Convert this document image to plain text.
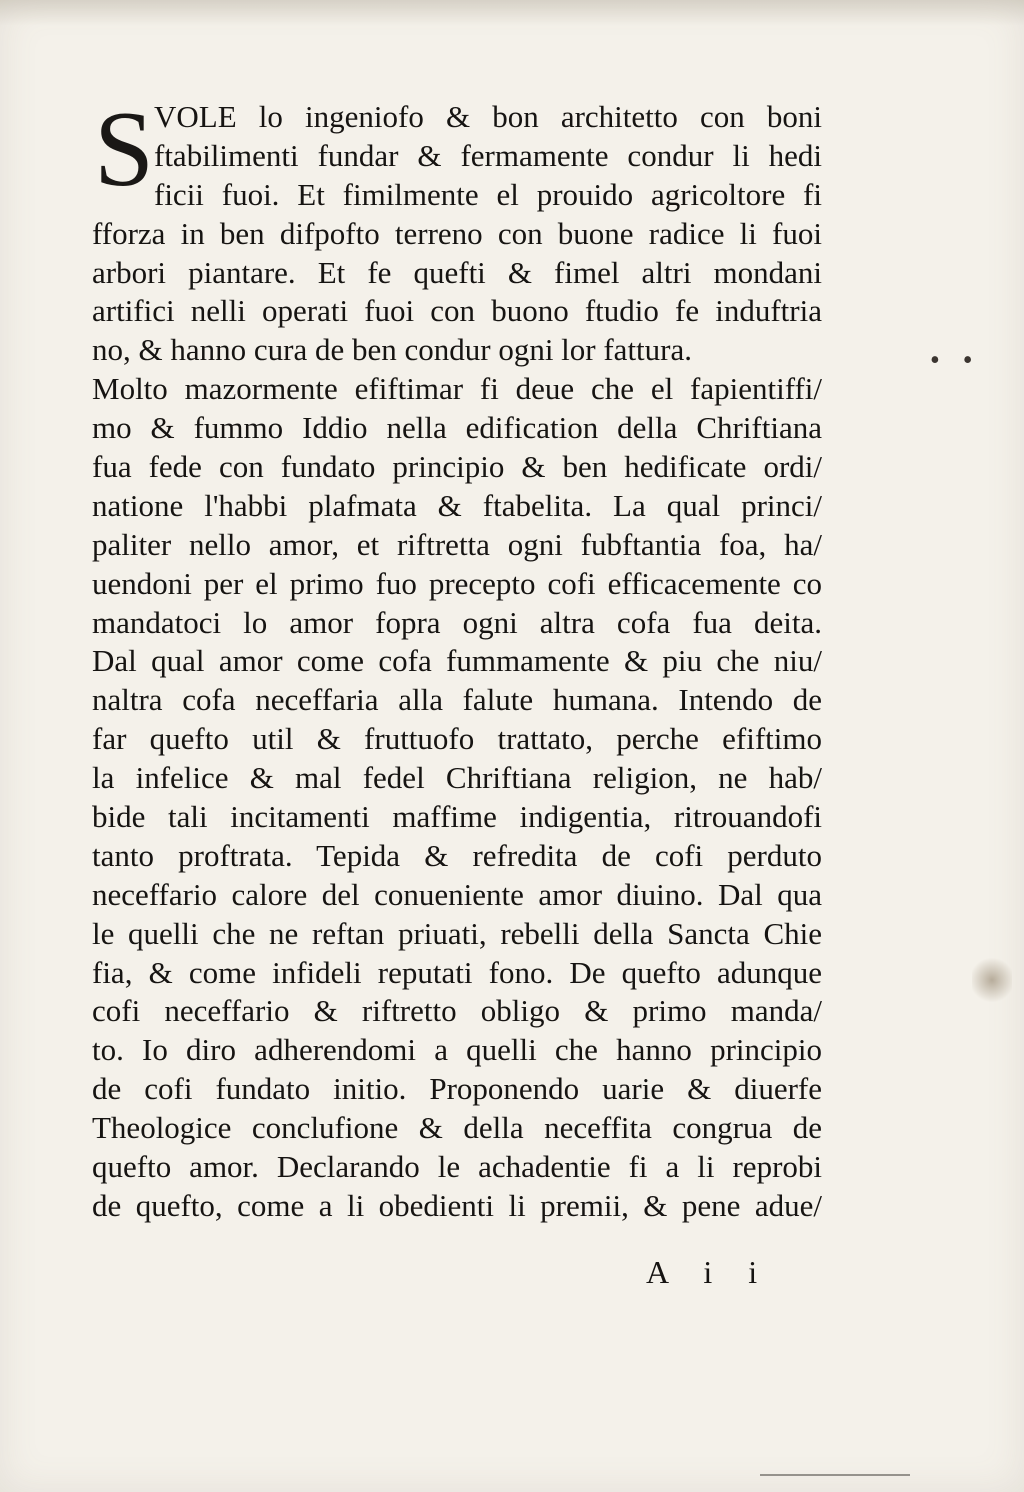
S VOLE lo ingeniofo & bon architetto con boni
ftabilimenti fundar & fermamente condur li hedi
ficii fuoi. Et fimilmente el prouido agricoltore fi
fforza in ben difpofto terreno con buone radice li fuoi
arbori piantare. Et fe quefti & fimel altri mondani
artifici nelli operati fuoi con buono ftudio fe induftria
no, & hanno cura de ben condur ogni lor fattura.
Molto mazormente efiftimar fi deue che el fapientiffi/
mo & fummo Iddio nella edification della Chriftiana
fua fede con fundato principio & ben hedificate ordi/
natione l'habbi plafmata & ftabelita. La qual princi/
paliter nello amor, et riftretta ogni fubftantia foa, ha/
uendoni per el primo fuo precepto cofi efficacemente co
mandatoci lo amor fopra ogni altra cofa fua deita.
Dal qual amor come cofa fummamente & piu che niu/
naltra cofa neceffaria alla falute humana. Intendo de
far quefto util & fruttuofo trattato, perche efiftimo
la infelice & mal fedel Chriftiana religion, ne hab/
bide tali incitamenti maffime indigentia, ritrouandofi
tanto proftrata. Tepida & refredita de cofi perduto
neceffario calore del conueniente amor diuino. Dal qua
le quelli che ne reftan priuati, rebelli della Sancta Chie
fia, & come infideli reputati fono. De quefto adunque
cofi neceffario & riftretto obligo & primo manda/
to. Io diro adherendomi a quelli che hanno principio
de cofi fundato initio. Proponendo uarie & diuerfe
Theologice conclufione & della neceffita congrua de
quefto amor. Declarando le achadentie fi a li reprobi
de quefto, come a li obedienti li premii, & pene adue/
A i i
• •
